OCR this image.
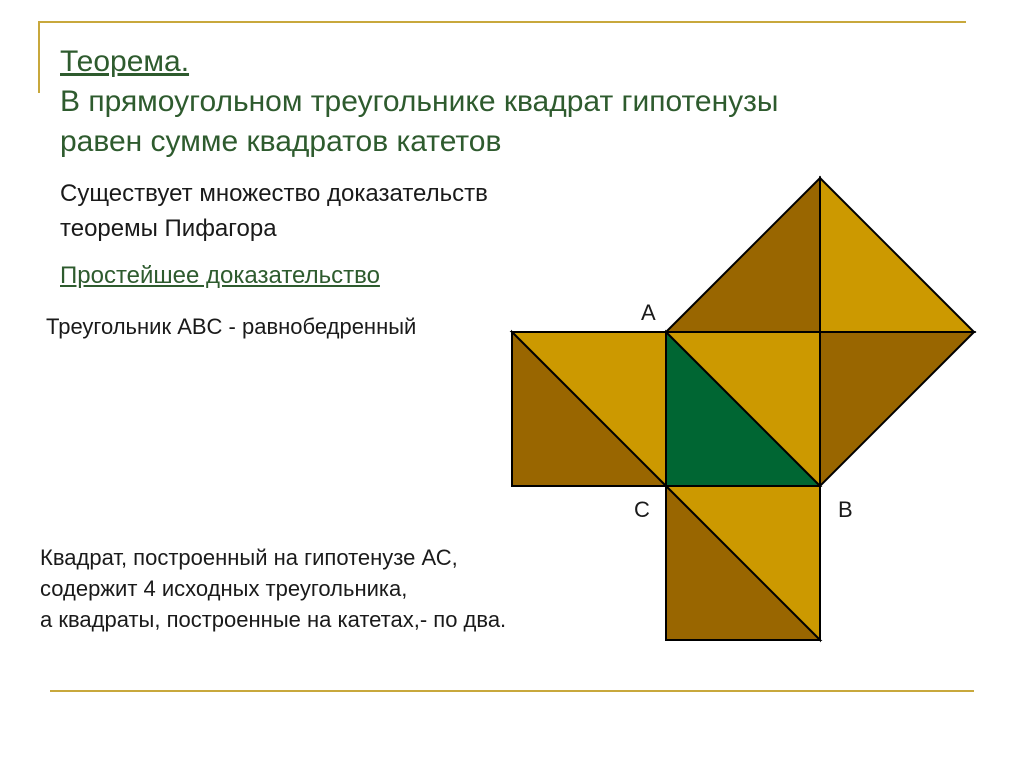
Теорема.
В прямоугольном треугольнике квадрат гипотенузы
равен сумме квадратов катетов
Существует множество доказательств
теоремы Пифагора
Простейшее доказательство
Треугольник ABC - равнобедренный
Квадрат, построенный на гипотенузе АС,
содержит 4 исходных треугольника,
а квадраты, построенные на катетах,- по два.
A
C	B
